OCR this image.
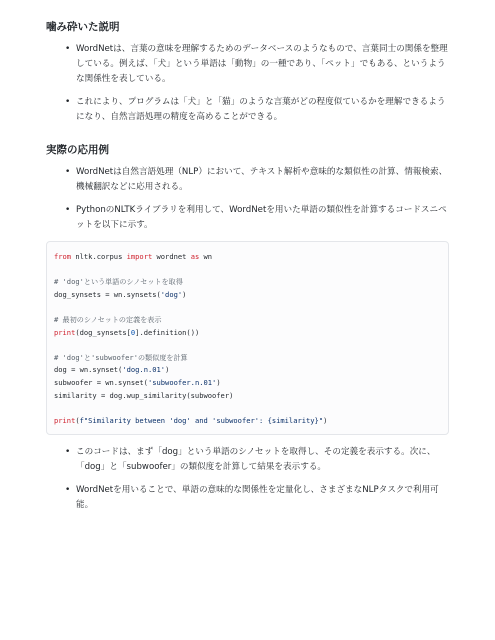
噛み砕いた説明
• WordNetは、言葉の意味を理解するためのデータベースのようなもので、言葉同士の関係を整理している。例えば、「犬」という単語は「動物」の一種であり、「ペット」でもある、というような関係性を表している。
• これにより、プログラムは「犬」と「猫」のような言葉がどの程度似ているかを理解できるようになり、自然言語処理の精度を高めることができる。
実際の応用例
• WordNetは自然言語処理（NLP）において、テキスト解析や意味的な類似性の計算、情報検索、機械翻訳などに応用される。
• PythonのNLTKライブラリを利用して、WordNetを用いた単語の類似性を計算するコードスニペットを以下に示す。
from nltk.corpus import wordnet as wn
# 'dog'という単語のシノセットを取得
dog_synsets = wn.synsets('dog')
# 最初のシノセットの定義を表示
print(dog_synsets[0].definition())
# 'dog'と'subwoofer'の類似度を計算
dog = wn.synset('dog.n.01')
subwoofer = wn.synset('subwoofer.n.01')
similarity = dog.wup_similarity(subwoofer)
print(f"Similarity between 'dog' and 'subwoofer': {similarity}")
• このコードは、まず「dog」という単語のシノセットを取得し、その定義を表示する。次に、「dog」と「subwoofer」の類似度を計算して結果を表示する。
• WordNetを用いることで、単語の意味的な関係性を定量化し、さまざまなNLPタスクで利用可能。
